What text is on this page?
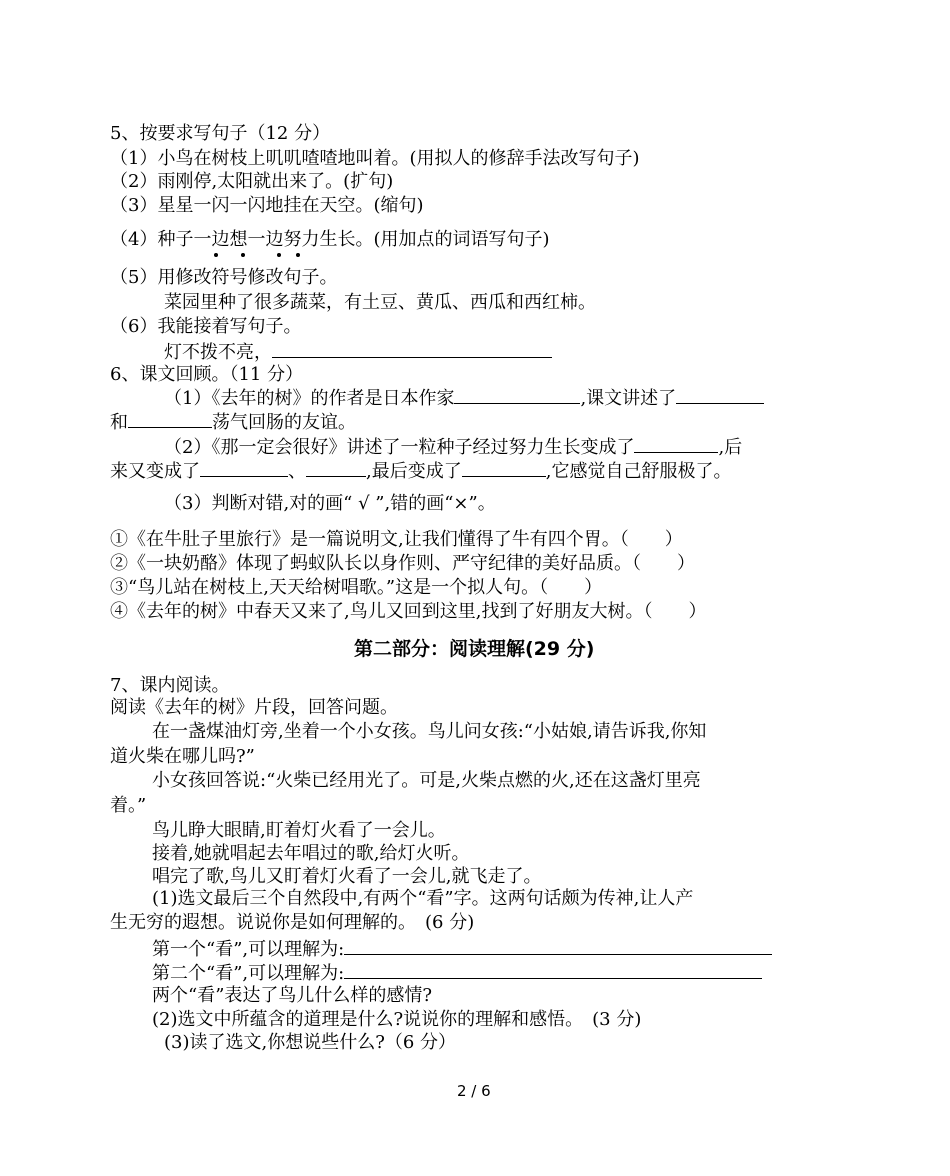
5、按要求写句子（12 分）
（1）小鸟在树枝上叽叽喳喳地叫着。(用拟人的修辞手法改写句子)
（2）雨刚停,太阳就出来了。(扩句)
（3）星星一闪一闪地挂在天空。(缩句)
（4）种子一边想一边努力生长。(用加点的词语写句子)
（5）用修改符号修改句子。
菜园里种了很多蔬菜，有土豆、黄瓜、西瓜和西红柿。
（6）我能接着写句子。
灯不拨不亮，
6、课文回顾。（11 分）
（1）《去年的树》的作者是日本作家	,课文讲述了
和	荡气回肠的友谊。
（2）《那一定会很好》讲述了一粒种子经过努力生长变成了	,后
来又变成了	、	,最后变成了	,它感觉自己舒服极了。
（3）判断对错,对的画“ √ ”,错的画“×”。
①《在牛肚子里旅行》是一篇说明文,让我们懂得了牛有四个胃。（　　）
②《一块奶酪》体现了蚂蚁队长以身作则、严守纪律的美好品质。（　　）
③“鸟儿站在树枝上,天天给树唱歌。”这是一个拟人句。（　　）
④《去年的树》中春天又来了,鸟儿又回到这里,找到了好朋友大树。（　　）
第二部分：阅读理解(29 分)
7、课内阅读。
阅读《去年的树》片段，回答问题。
在一盏煤油灯旁,坐着一个小女孩。鸟儿问女孩:“小姑娘,请告诉我,你知
道火柴在哪儿吗?”
小女孩回答说:“火柴已经用光了。可是,火柴点燃的火,还在这盏灯里亮
着。”
鸟儿睁大眼睛,盯着灯火看了一会儿。
接着,她就唱起去年唱过的歌,给灯火听。
唱完了歌,鸟儿又盯着灯火看了一会儿,就飞走了。
(1)选文最后三个自然段中,有两个“看”字。这两句话颇为传神,让人产
生无穷的遐想。说说你是如何理解的。　(6 分)
第一个“看”,可以理解为:
第二个“看”,可以理解为:
两个“看”表达了鸟儿什么样的感情?
(2)选文中所蕴含的道理是什么?说说你的理解和感悟。　(3 分)
(3)读了选文,你想说些什么?（6 分）
2 / 6
